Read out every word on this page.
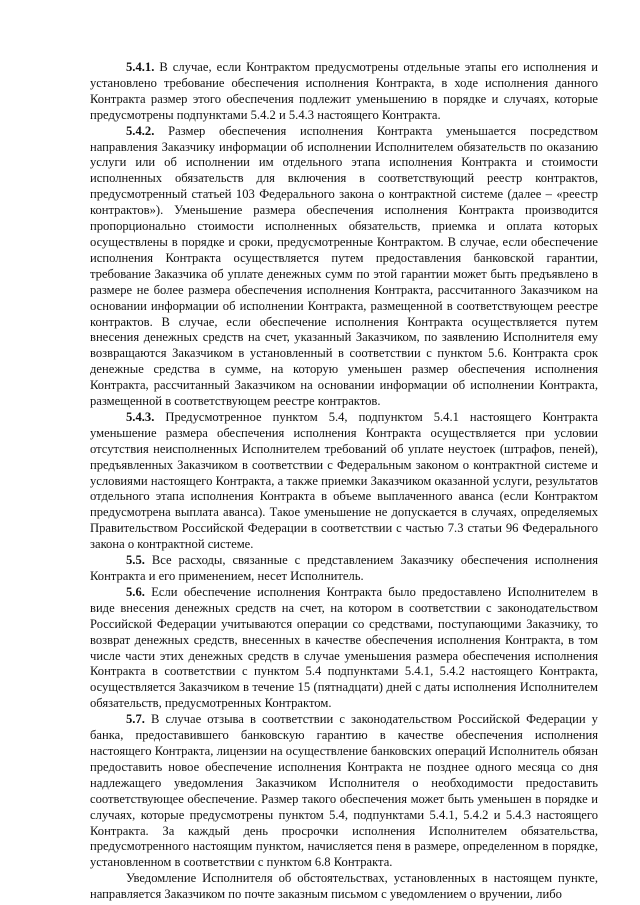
5.4.1. В случае, если Контрактом предусмотрены отдельные этапы его исполнения и установлено требование обеспечения исполнения Контракта, в ходе исполнения данного Контракта размер этого обеспечения подлежит уменьшению в порядке и случаях, которые предусмотрены подпунктами 5.4.2 и 5.4.3 настоящего Контракта.

5.4.2. Размер обеспечения исполнения Контракта уменьшается посредством направления Заказчику информации об исполнении Исполнителем обязательств по оказанию услуги или об исполнении им отдельного этапа исполнения Контракта и стоимости исполненных обязательств для включения в соответствующий реестр контрактов, предусмотренный статьей 103 Федерального закона о контрактной системе (далее – «реестр контрактов»). Уменьшение размера обеспечения исполнения Контракта производится пропорционально стоимости исполненных обязательств, приемка и оплата которых осуществлены в порядке и сроки, предусмотренные Контрактом. В случае, если обеспечение исполнения Контракта осуществляется путем предоставления банковской гарантии, требование Заказчика об уплате денежных сумм по этой гарантии может быть предъявлено в размере не более размера обеспечения исполнения Контракта, рассчитанного Заказчиком на основании информации об исполнении Контракта, размещенной в соответствующем реестре контрактов. В случае, если обеспечение исполнения Контракта осуществляется путем внесения денежных средств на счет, указанный Заказчиком, по заявлению Исполнителя ему возвращаются Заказчиком в установленный в соответствии с пунктом 5.6. Контракта срок денежные средства в сумме, на которую уменьшен размер обеспечения исполнения Контракта, рассчитанный Заказчиком на основании информации об исполнении Контракта, размещенной в соответствующем реестре контрактов.

5.4.3. Предусмотренное пунктом 5.4, подпунктом 5.4.1 настоящего Контракта уменьшение размера обеспечения исполнения Контракта осуществляется при условии отсутствия неисполненных Исполнителем требований об уплате неустоек (штрафов, пеней), предъявленных Заказчиком в соответствии с Федеральным законом о контрактной системе и условиями настоящего Контракта, а также приемки Заказчиком оказанной услуги, результатов отдельного этапа исполнения Контракта в объеме выплаченного аванса (если Контрактом предусмотрена выплата аванса). Такое уменьшение не допускается в случаях, определяемых Правительством Российской Федерации в соответствии с частью 7.3 статьи 96 Федерального закона о контрактной системе.

5.5. Все расходы, связанные с представлением Заказчику обеспечения исполнения Контракта и его применением, несет Исполнитель.

5.6. Если обеспечение исполнения Контракта было предоставлено Исполнителем в виде внесения денежных средств на счет, на котором в соответствии с законодательством Российской Федерации учитываются операции со средствами, поступающими Заказчику, то возврат денежных средств, внесенных в качестве обеспечения исполнения Контракта, в том числе части этих денежных средств в случае уменьшения размера обеспечения исполнения Контракта в соответствии с пунктом 5.4 подпунктами 5.4.1, 5.4.2 настоящего Контракта, осуществляется Заказчиком в течение 15 (пятнадцати) дней с даты исполнения Исполнителем обязательств, предусмотренных Контрактом.

5.7. В случае отзыва в соответствии с законодательством Российской Федерации у банка, предоставившего банковскую гарантию в качестве обеспечения исполнения настоящего Контракта, лицензии на осуществление банковских операций Исполнитель обязан предоставить новое обеспечение исполнения Контракта не позднее одного месяца со дня надлежащего уведомления Заказчиком Исполнителя о необходимости предоставить соответствующее обеспечение. Размер такого обеспечения может быть уменьшен в порядке и случаях, которые предусмотрены пунктом 5.4, подпунктами 5.4.1, 5.4.2 и 5.4.3 настоящего Контракта. За каждый день просрочки исполнения Исполнителем обязательства, предусмотренного настоящим пунктом, начисляется пеня в размере, определенном в порядке, установленном в соответствии с пунктом 6.8 Контракта.

Уведомление Исполнителя об обстоятельствах, установленных в настоящем пункте, направляется Заказчиком по почте заказным письмом с уведомлением о вручении, либо
